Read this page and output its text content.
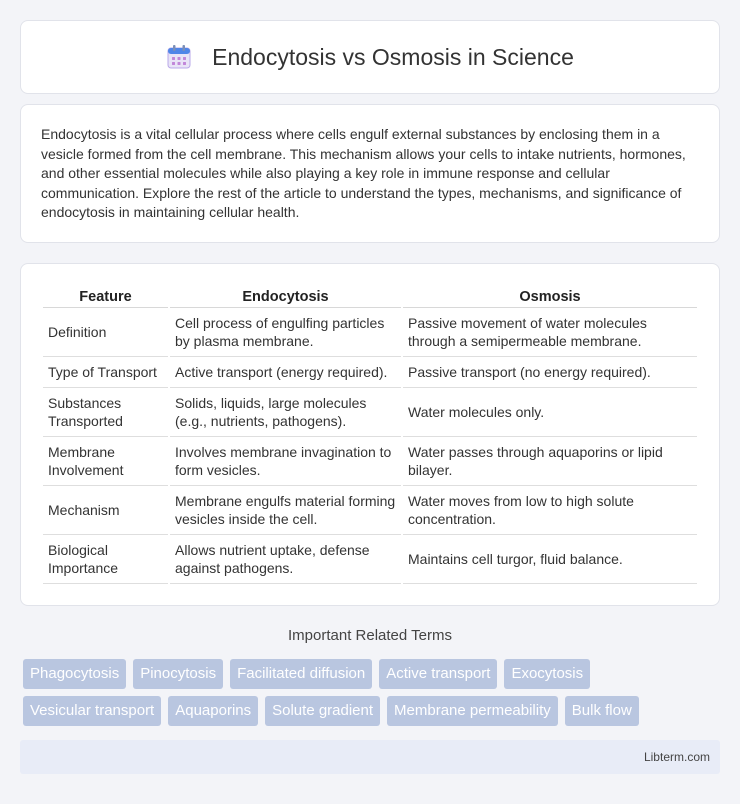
Endocytosis vs Osmosis in Science

Endocytosis is a vital cellular process where cells engulf external substances by enclosing them in a vesicle formed from the cell membrane. This mechanism allows your cells to intake nutrients, hormones, and other essential molecules while also playing a key role in immune response and cellular communication. Explore the rest of the article to understand the types, mechanisms, and significance of endocytosis in maintaining cellular health.

Feature	Endocytosis	Osmosis
Definition	Cell process of engulfing particles by plasma membrane.	Passive movement of water molecules through a semipermeable membrane.
Type of Transport	Active transport (energy required).	Passive transport (no energy required).
Substances Transported	Solids, liquids, large molecules (e.g., nutrients, pathogens).	Water molecules only.
Membrane Involvement	Involves membrane invagination to form vesicles.	Water passes through aquaporins or lipid bilayer.
Mechanism	Membrane engulfs material forming vesicles inside the cell.	Water moves from low to high solute concentration.
Biological Importance	Allows nutrient uptake, defense against pathogens.	Maintains cell turgor, fluid balance.
Important Related Terms
Phagocytosis	Pinocytosis	Facilitated diffusion	Active transport	Exocytosis
Vesicular transport	Aquaporins	Solute gradient	Membrane permeability	Bulk flow
Libterm.com
